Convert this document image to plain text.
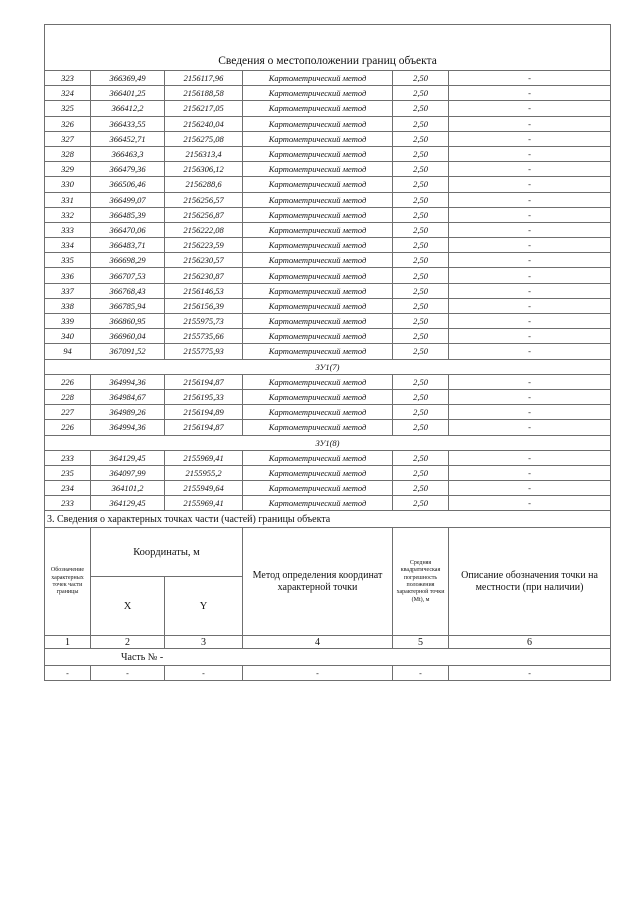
Сведения о местоположении границ объекта					
323	366369,49	2156117,96	Картометрический метод	2,50	-
324	366401,25	2156188,58	Картометрический метод	2,50	-
325	366412,2	2156217,05	Картометрический метод	2,50	-
326	366433,55	2156240,04	Картометрический метод	2,50	-
327	366452,71	2156275,08	Картометрический метод	2,50	-
328	366463,3	2156313,4	Картометрический метод	2,50	-
329	366479,36	2156306,12	Картометрический метод	2,50	-
330	366506,46	2156288,6	Картометрический метод	2,50	-
331	366499,07	2156256,57	Картометрический метод	2,50	-
332	366485,39	2156256,87	Картометрический метод	2,50	-
333	366470,06	2156222,08	Картометрический метод	2,50	-
334	366483,71	2156223,59	Картометрический метод	2,50	-
335	366698,29	2156230,57	Картометрический метод	2,50	-
336	366707,53	2156230,87	Картометрический метод	2,50	-
337	366768,43	2156146,53	Картометрический метод	2,50	-
338	366785,94	2156156,39	Картометрический метод	2,50	-
339	366860,95	2155975,73	Картометрический метод	2,50	-
340	366960,04	2155735,66	Картометрический метод	2,50	-
94	367091,52	2155775,93	Картометрический метод	2,50	-
ЗУ1(7)					
226	364994,36	2156194,87	Картометрический метод	2,50	-
228	364984,67	2156195,33	Картометрический метод	2,50	-
227	364989,26	2156194,89	Картометрический метод	2,50	-
226	364994,36	2156194,87	Картометрический метод	2,50	-
ЗУ1(8)					
233	364129,45	2155969,41	Картометрический метод	2,50	-
235	364097,99	2155955,2	Картометрический метод	2,50	-
234	364101,2	2155949,64	Картометрический метод	2,50	-
233	364129,45	2155969,41	Картометрический метод	2,50	-
3. Сведения о характерных точках части (частей) границы объекта					
Обозначение характерных точек части границы	Координаты, м		Метод определения координат характерной точки	Средняя квадратическая погрешность положения характерной точки (Mt), м	Описание обозначения точки на местности (при наличии)
	X	Y			
1	2	3	4	5	6
Часть № -					
-	-	-	-	-	-
